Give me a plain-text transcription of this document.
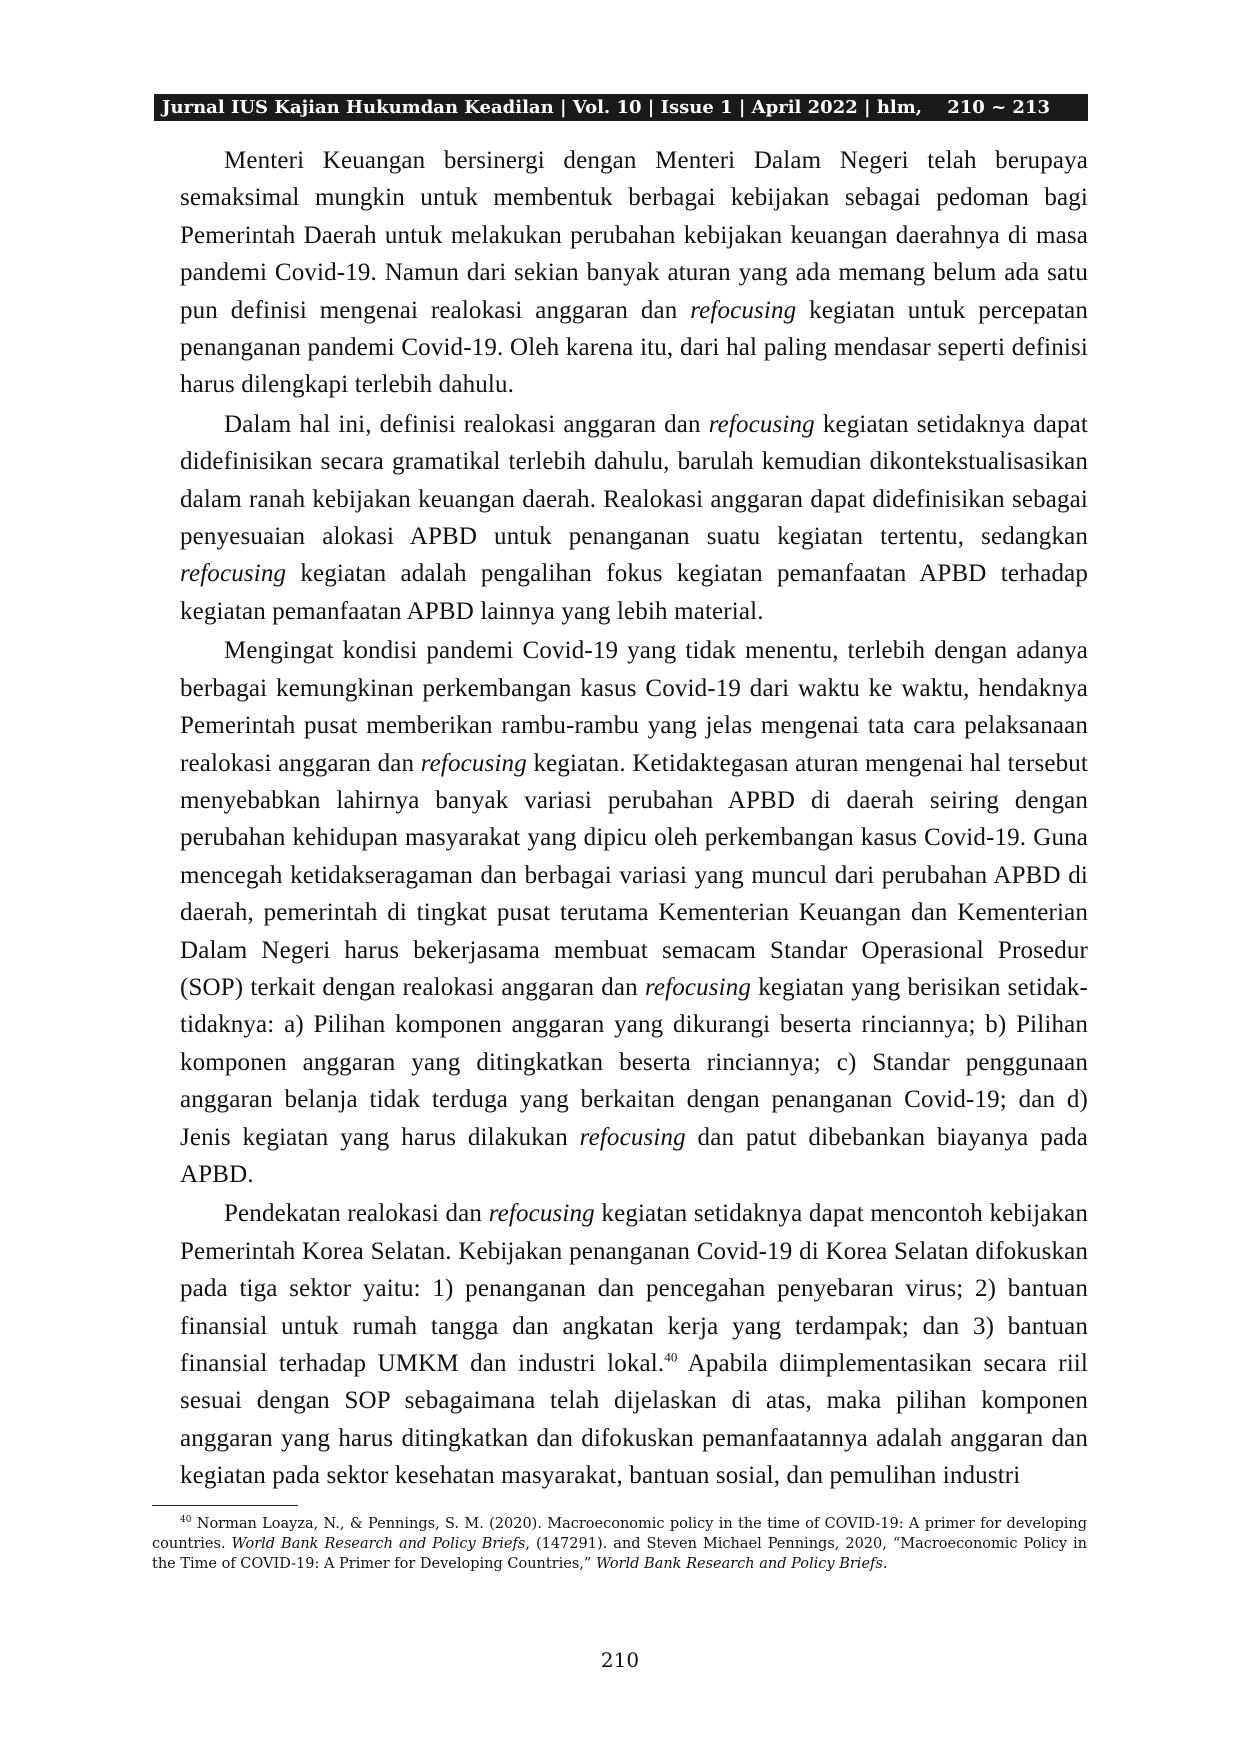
Jurnal IUS Kajian Hukumdan Keadilan | Vol. 10 | Issue 1 | April 2022 | hlm, 210 ~ 213

Menteri Keuangan bersinergi dengan Menteri Dalam Negeri telah berupaya semaksimal mungkin untuk membentuk berbagai kebijakan sebagai pedoman bagi Pemerintah Daerah untuk melakukan perubahan kebijakan keuangan daerahnya di masa pandemi Covid-19. Namun dari sekian banyak aturan yang ada memang belum ada satu pun definisi mengenai realokasi anggaran dan refocusing kegiatan untuk percepatan penanganan pandemi Covid-19. Oleh karena itu, dari hal paling mendasar seperti definisi harus dilengkapi terlebih dahulu.

Dalam hal ini, definisi realokasi anggaran dan refocusing kegiatan setidaknya dapat didefinisikan secara gramatikal terlebih dahulu, barulah kemudian dikontekstualisasikan dalam ranah kebijakan keuangan daerah. Realokasi anggaran dapat didefinisikan sebagai penyesuaian alokasi APBD untuk penanganan suatu kegiatan tertentu, sedangkan refocusing kegiatan adalah pengalihan fokus kegiatan pemanfaatan APBD terhadap kegiatan pemanfaatan APBD lainnya yang lebih material.

Mengingat kondisi pandemi Covid-19 yang tidak menentu, terlebih dengan adanya berbagai kemungkinan perkembangan kasus Covid-19 dari waktu ke waktu, hendaknya Pemerintah pusat memberikan rambu-rambu yang jelas mengenai tata cara pelaksanaan realokasi anggaran dan refocusing kegiatan. Ketidaktegasan aturan mengenai hal tersebut menyebabkan lahirnya banyak variasi perubahan APBD di daerah seiring dengan perubahan kehidupan masyarakat yang dipicu oleh perkembangan kasus Covid-19. Guna mencegah ketidakseragaman dan berbagai variasi yang muncul dari perubahan APBD di daerah, pemerintah di tingkat pusat terutama Kementerian Keuangan dan Kementerian Dalam Negeri harus bekerjasama membuat semacam Standar Operasional Prosedur (SOP) terkait dengan realokasi anggaran dan refocusing kegiatan yang berisikan setidak-tidaknya: a) Pilihan komponen anggaran yang dikurangi beserta rinciannya; b) Pilihan komponen anggaran yang ditingkatkan beserta rinciannya; c) Standar penggunaan anggaran belanja tidak terduga yang berkaitan dengan penanganan Covid-19; dan d) Jenis kegiatan yang harus dilakukan refocusing dan patut dibebankan biayanya pada APBD.

Pendekatan realokasi dan refocusing kegiatan setidaknya dapat mencontoh kebijakan Pemerintah Korea Selatan. Kebijakan penanganan Covid-19 di Korea Selatan difokuskan pada tiga sektor yaitu: 1) penanganan dan pencegahan penyebaran virus; 2) bantuan finansial untuk rumah tangga dan angkatan kerja yang terdampak; dan 3) bantuan finansial terhadap UMKM dan industri lokal.$^{40}$ Apabila diimplementasikan secara riil sesuai dengan SOP sebagaimana telah dijelaskan di atas, maka pilihan komponen anggaran yang harus ditingkatkan dan difokuskan pemanfaatannya adalah anggaran dan kegiatan pada sektor kesehatan masyarakat, bantuan sosial, dan pemulihan industri

$^{40}$ Norman Loayza, N., & Pennings, S. M. (2020). Macroeconomic policy in the time of COVID-19: A primer for developing countries. World Bank Research and Policy Briefs, (147291). and Steven Michael Pennings, 2020, “Macroeconomic Policy in the Time of COVID-19: A Primer for Developing Countries,” World Bank Research and Policy Briefs.
210
